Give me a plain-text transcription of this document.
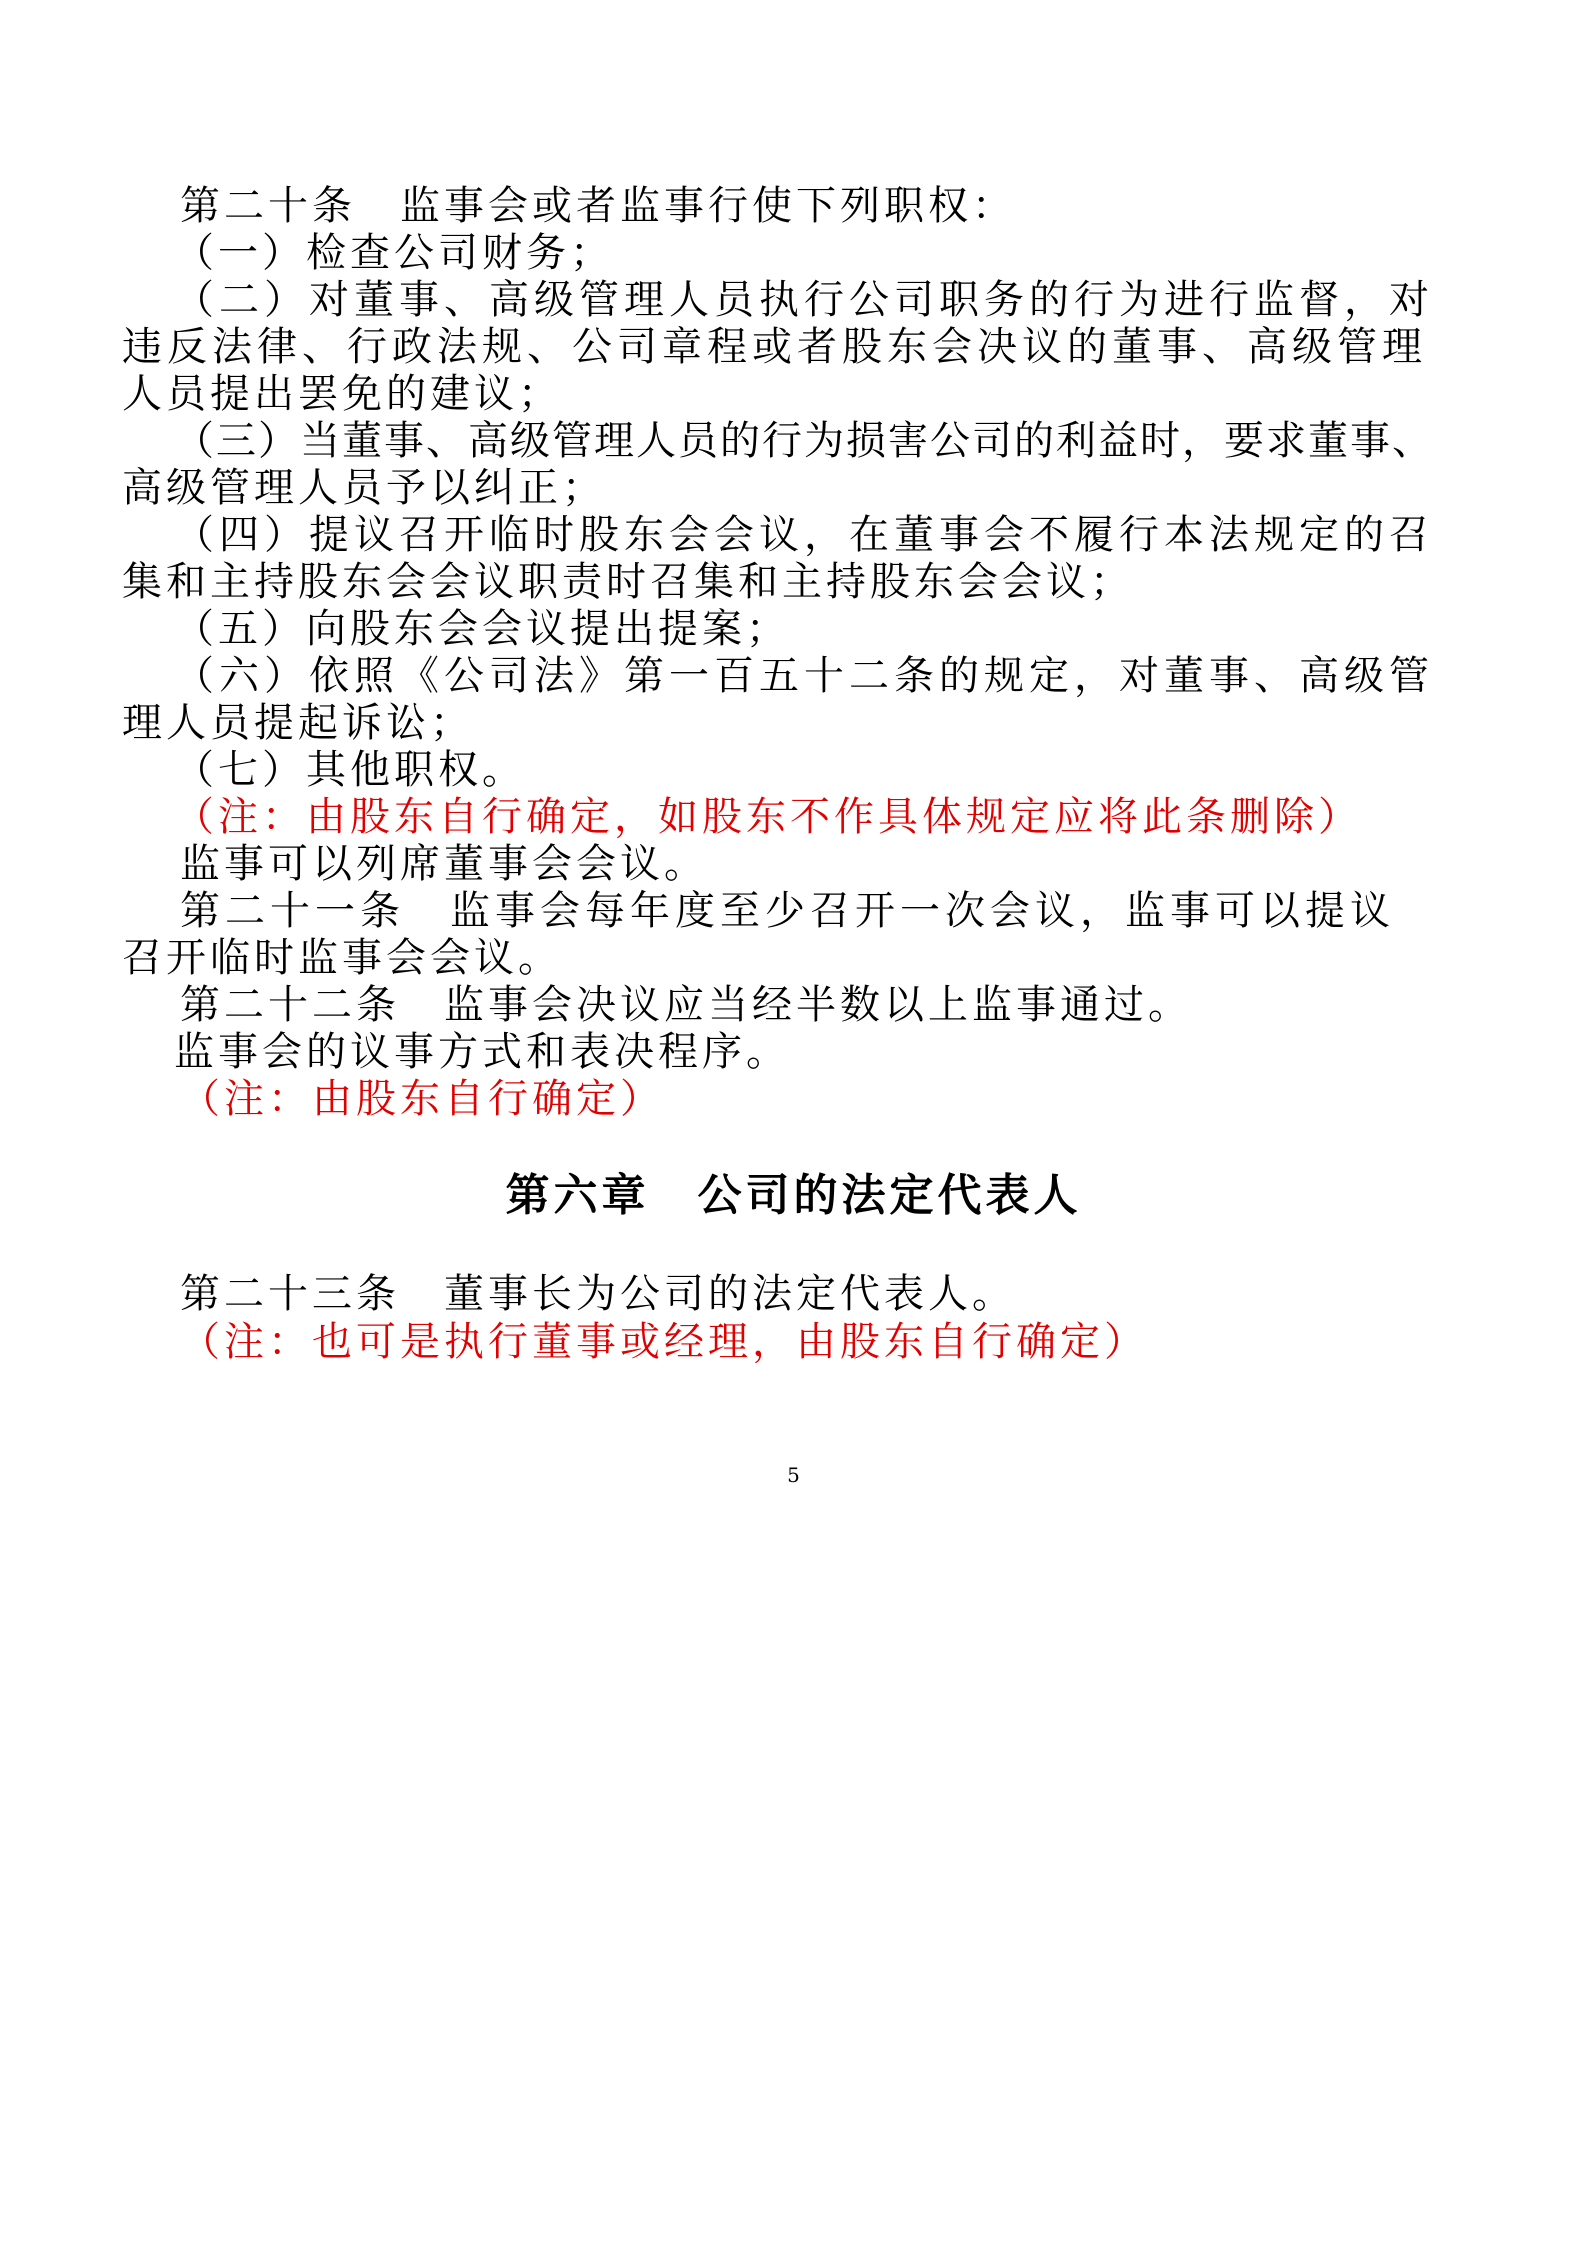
第二十条　监事会或者监事行使下列职权：
（一）检查公司财务；
（二）对董事、高级管理人员执行公司职务的行为进行监督，对
违反法律、行政法规、公司章程或者股东会决议的董事、高级管理
人员提出罢免的建议；
（三）当董事、高级管理人员的行为损害公司的利益时，要求董事、
高级管理人员予以纠正；
（四）提议召开临时股东会会议，在董事会不履行本法规定的召
集和主持股东会会议职责时召集和主持股东会会议；
（五）向股东会会议提出提案；
（六）依照《公司法》第一百五十二条的规定，对董事、高级管
理人员提起诉讼；
（七）其他职权。
（注：由股东自行确定，如股东不作具体规定应将此条删除）
监事可以列席董事会会议。
第二十一条　监事会每年度至少召开一次会议，监事可以提议
召开临时监事会会议。
第二十二条　监事会决议应当经半数以上监事通过。
监事会的议事方式和表决程序。
（注：由股东自行确定）
第六章　公司的法定代表人
第二十三条　董事长为公司的法定代表人。
（注：也可是执行董事或经理，由股东自行确定）
5
